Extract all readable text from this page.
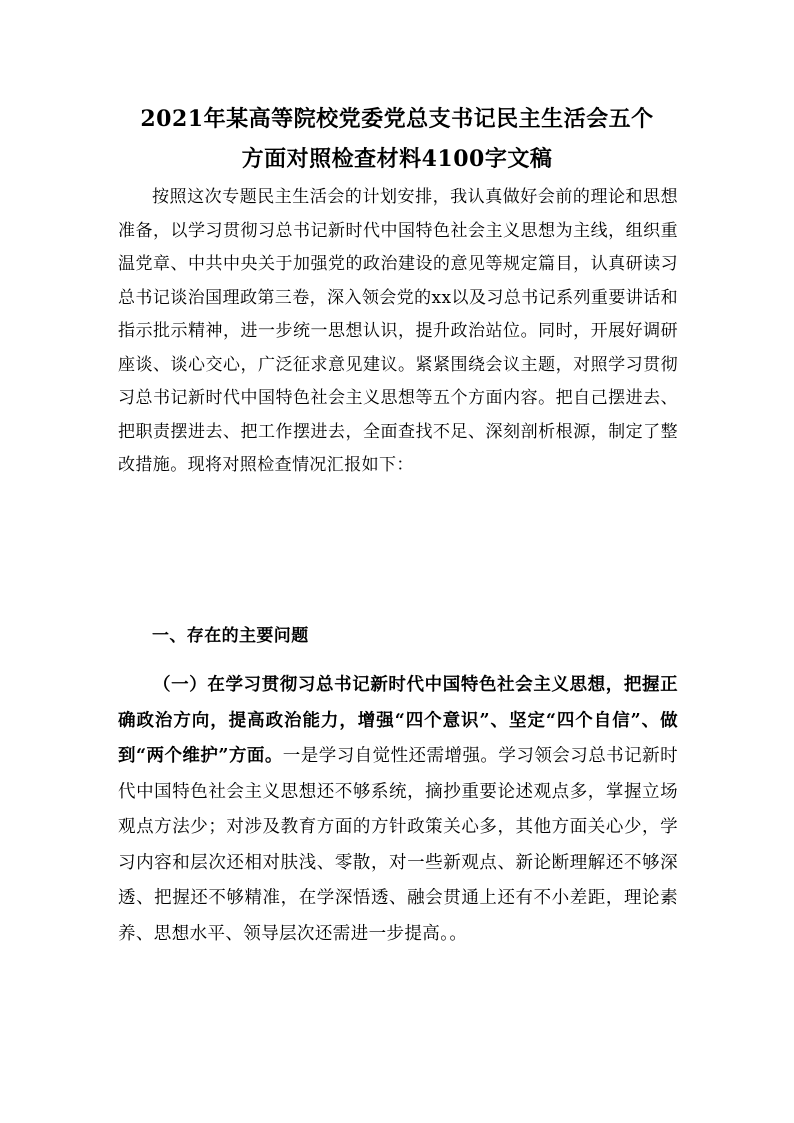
2021年某高等院校党委党总支书记民主生活会五个
方面对照检查材料4100字文稿

按照这次专题民主生活会的计划安排，我认真做好会前的理论和思想准备，以学习贯彻习总书记新时代中国特色社会主义思想为主线，组织重温党章、中共中央关于加强党的政治建设的意见等规定篇目，认真研读习总书记谈治国理政第三卷，深入领会党的xx以及习总书记系列重要讲话和指示批示精神，进一步统一思想认识，提升政治站位。同时，开展好调研座谈、谈心交心，广泛征求意见建议。紧紧围绕会议主题，对照学习贯彻习总书记新时代中国特色社会主义思想等五个方面内容。把自己摆进去、把职责摆进去、把工作摆进去，全面查找不足、深刻剖析根源，制定了整改措施。现将对照检查情况汇报如下：

一、存在的主要问题

（一）在学习贯彻习总书记新时代中国特色社会主义思想，把握正确政治方向，提高政治能力，增强“四个意识”、坚定“四个自信”、做到“两个维护”方面。一是学习自觉性还需增强。学习领会习总书记新时代中国特色社会主义思想还不够系统，摘抄重要论述观点多，掌握立场观点方法少；对涉及教育方面的方针政策关心多，其他方面关心少，学习内容和层次还相对肤浅、零散，对一些新观点、新论断理解还不够深透、把握还不够精准，在学深悟透、融会贯通上还有不小差距，理论素养、思想水平、领导层次还需进一步提高。。
